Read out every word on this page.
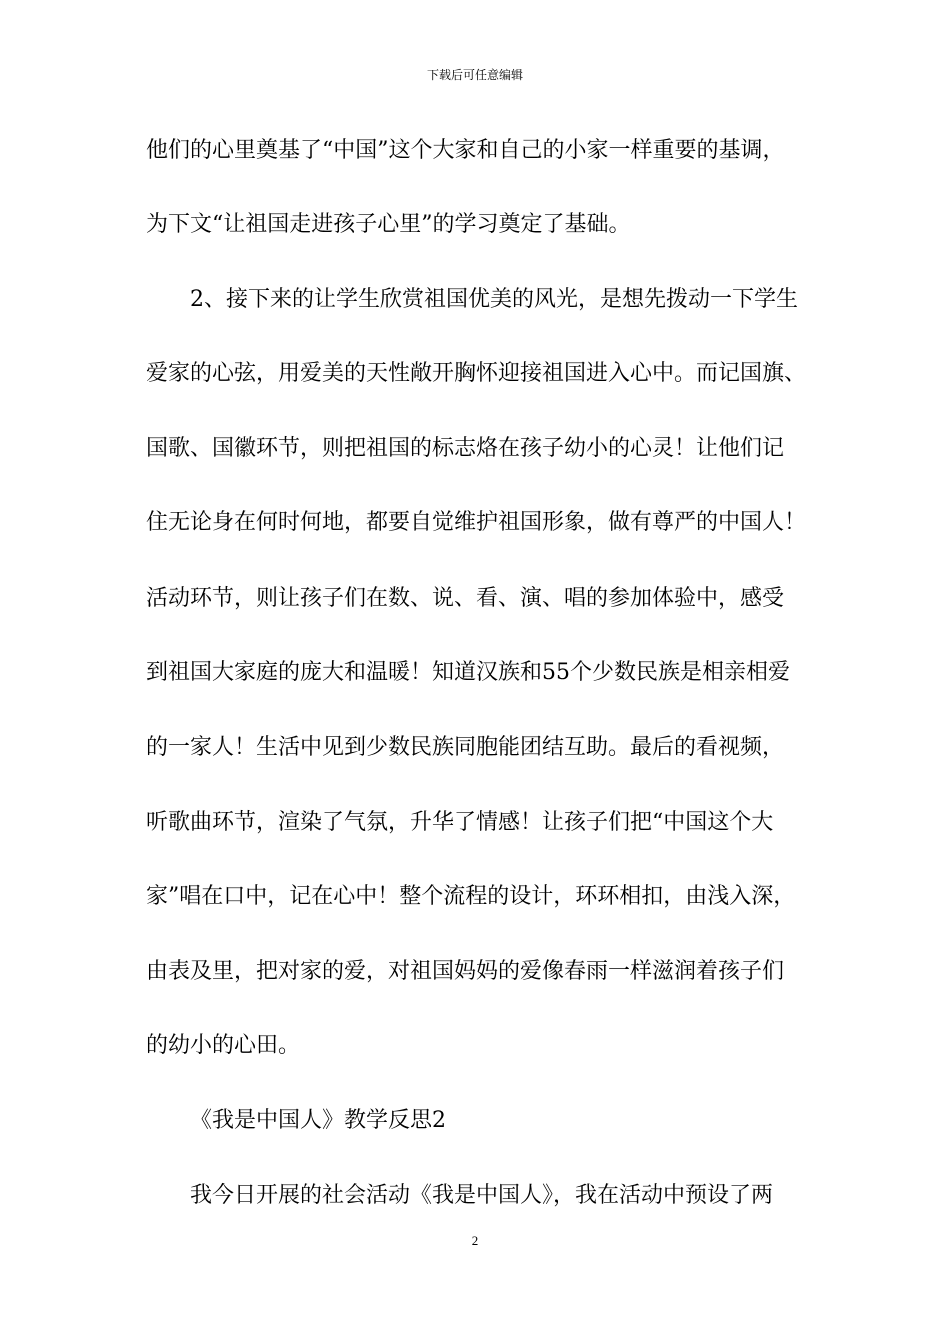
下载后可任意编辑
他们的心里奠基了“中国”这个大家和自己的小家一样重要的基调，
为下文“让祖国走进孩子心里”的学习奠定了基础。
2、接下来的让学生欣赏祖国优美的风光，是想先拨动一下学生
爱家的心弦，用爱美的天性敞开胸怀迎接祖国进入心中。而记国旗、
国歌、国徽环节，则把祖国的标志烙在孩子幼小的心灵！让他们记
住无论身在何时何地，都要自觉维护祖国形象，做有尊严的中国人！
活动环节，则让孩子们在数、说、看、演、唱的参加体验中，感受
到祖国大家庭的庞大和温暖！知道汉族和55个少数民族是相亲相爱
的一家人！生活中见到少数民族同胞能团结互助。最后的看视频，
听歌曲环节，渲染了气氛，升华了情感！让孩子们把“中国这个大
家”唱在口中，记在心中！整个流程的设计，环环相扣，由浅入深，
由表及里，把对家的爱，对祖国妈妈的爱像春雨一样滋润着孩子们
的幼小的心田。
《我是中国人》教学反思2
我今日开展的社会活动《我是中国人》，我在活动中预设了两
2
